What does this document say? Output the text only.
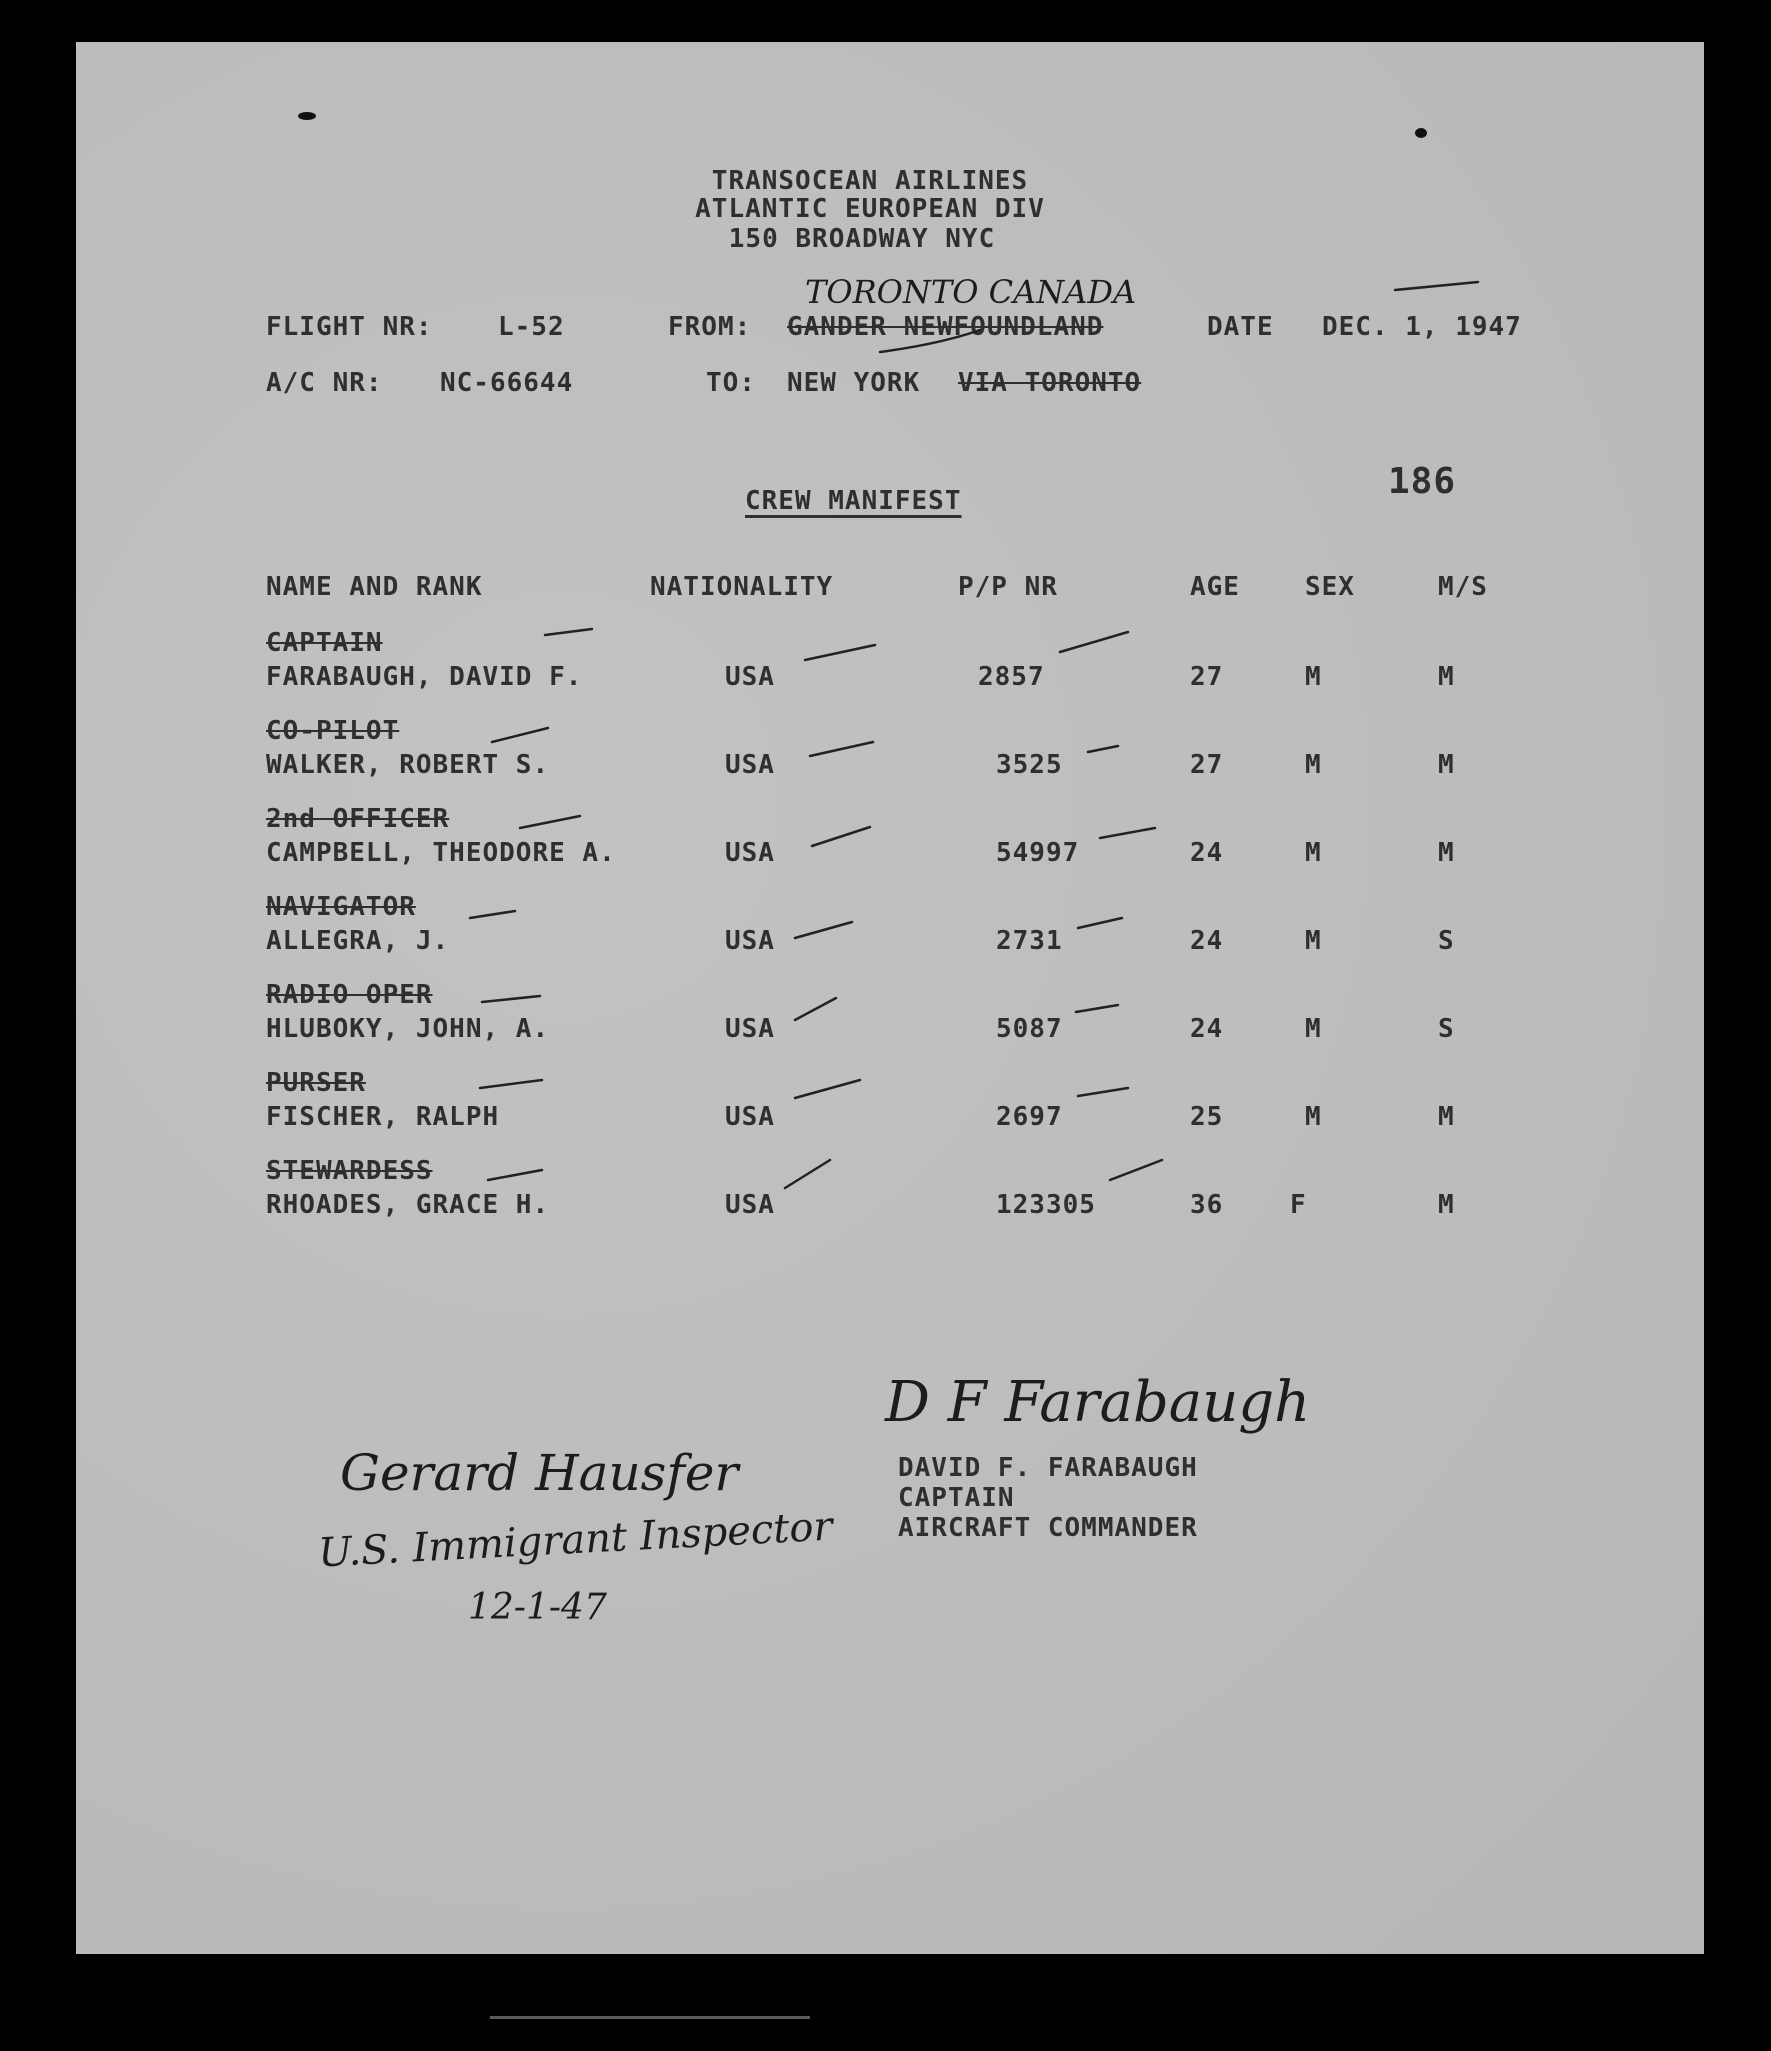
TRANSOCEAN AIRLINES
ATLANTIC EUROPEAN DIV
150 BROADWAY NYC
TORONTO CANADA
FLIGHT NR:	L-52	FROM: GANDER NEWFOUNDLAND	DATE DEC. 1, 1947
A/C NR: NC-66644	TO: NEW YORK VIA TORONTO
186
CREW MANIFEST
NAME AND RANK	NATIONALITY	P/P NR	AGE	SEX	M/S
CAPTAIN
FARABAUGH, DAVID F.	USA	2857	27	M	M
CO-PILOT
WALKER, ROBERT S.	USA	3525	27	M	M
2nd OFFICER
CAMPBELL, THEODORE A.	USA	54997	24	M	M
NAVIGATOR
ALLEGRA, J.	USA	2731	24	M	S
RADIO OPER
HLUBOKY, JOHN, A.	USA	5087	24	M	S
PURSER
FISCHER, RALPH	USA	2697	25	M	M
STEWARDESS
RHOADES, GRACE H.	USA	123305	36	F	M
DAVID F. FARABAUGH
CAPTAIN
AIRCRAFT COMMANDER
D F Farabaugh
Gerard Hausfer
U.S. Immigrant Inspector
12-1-47
